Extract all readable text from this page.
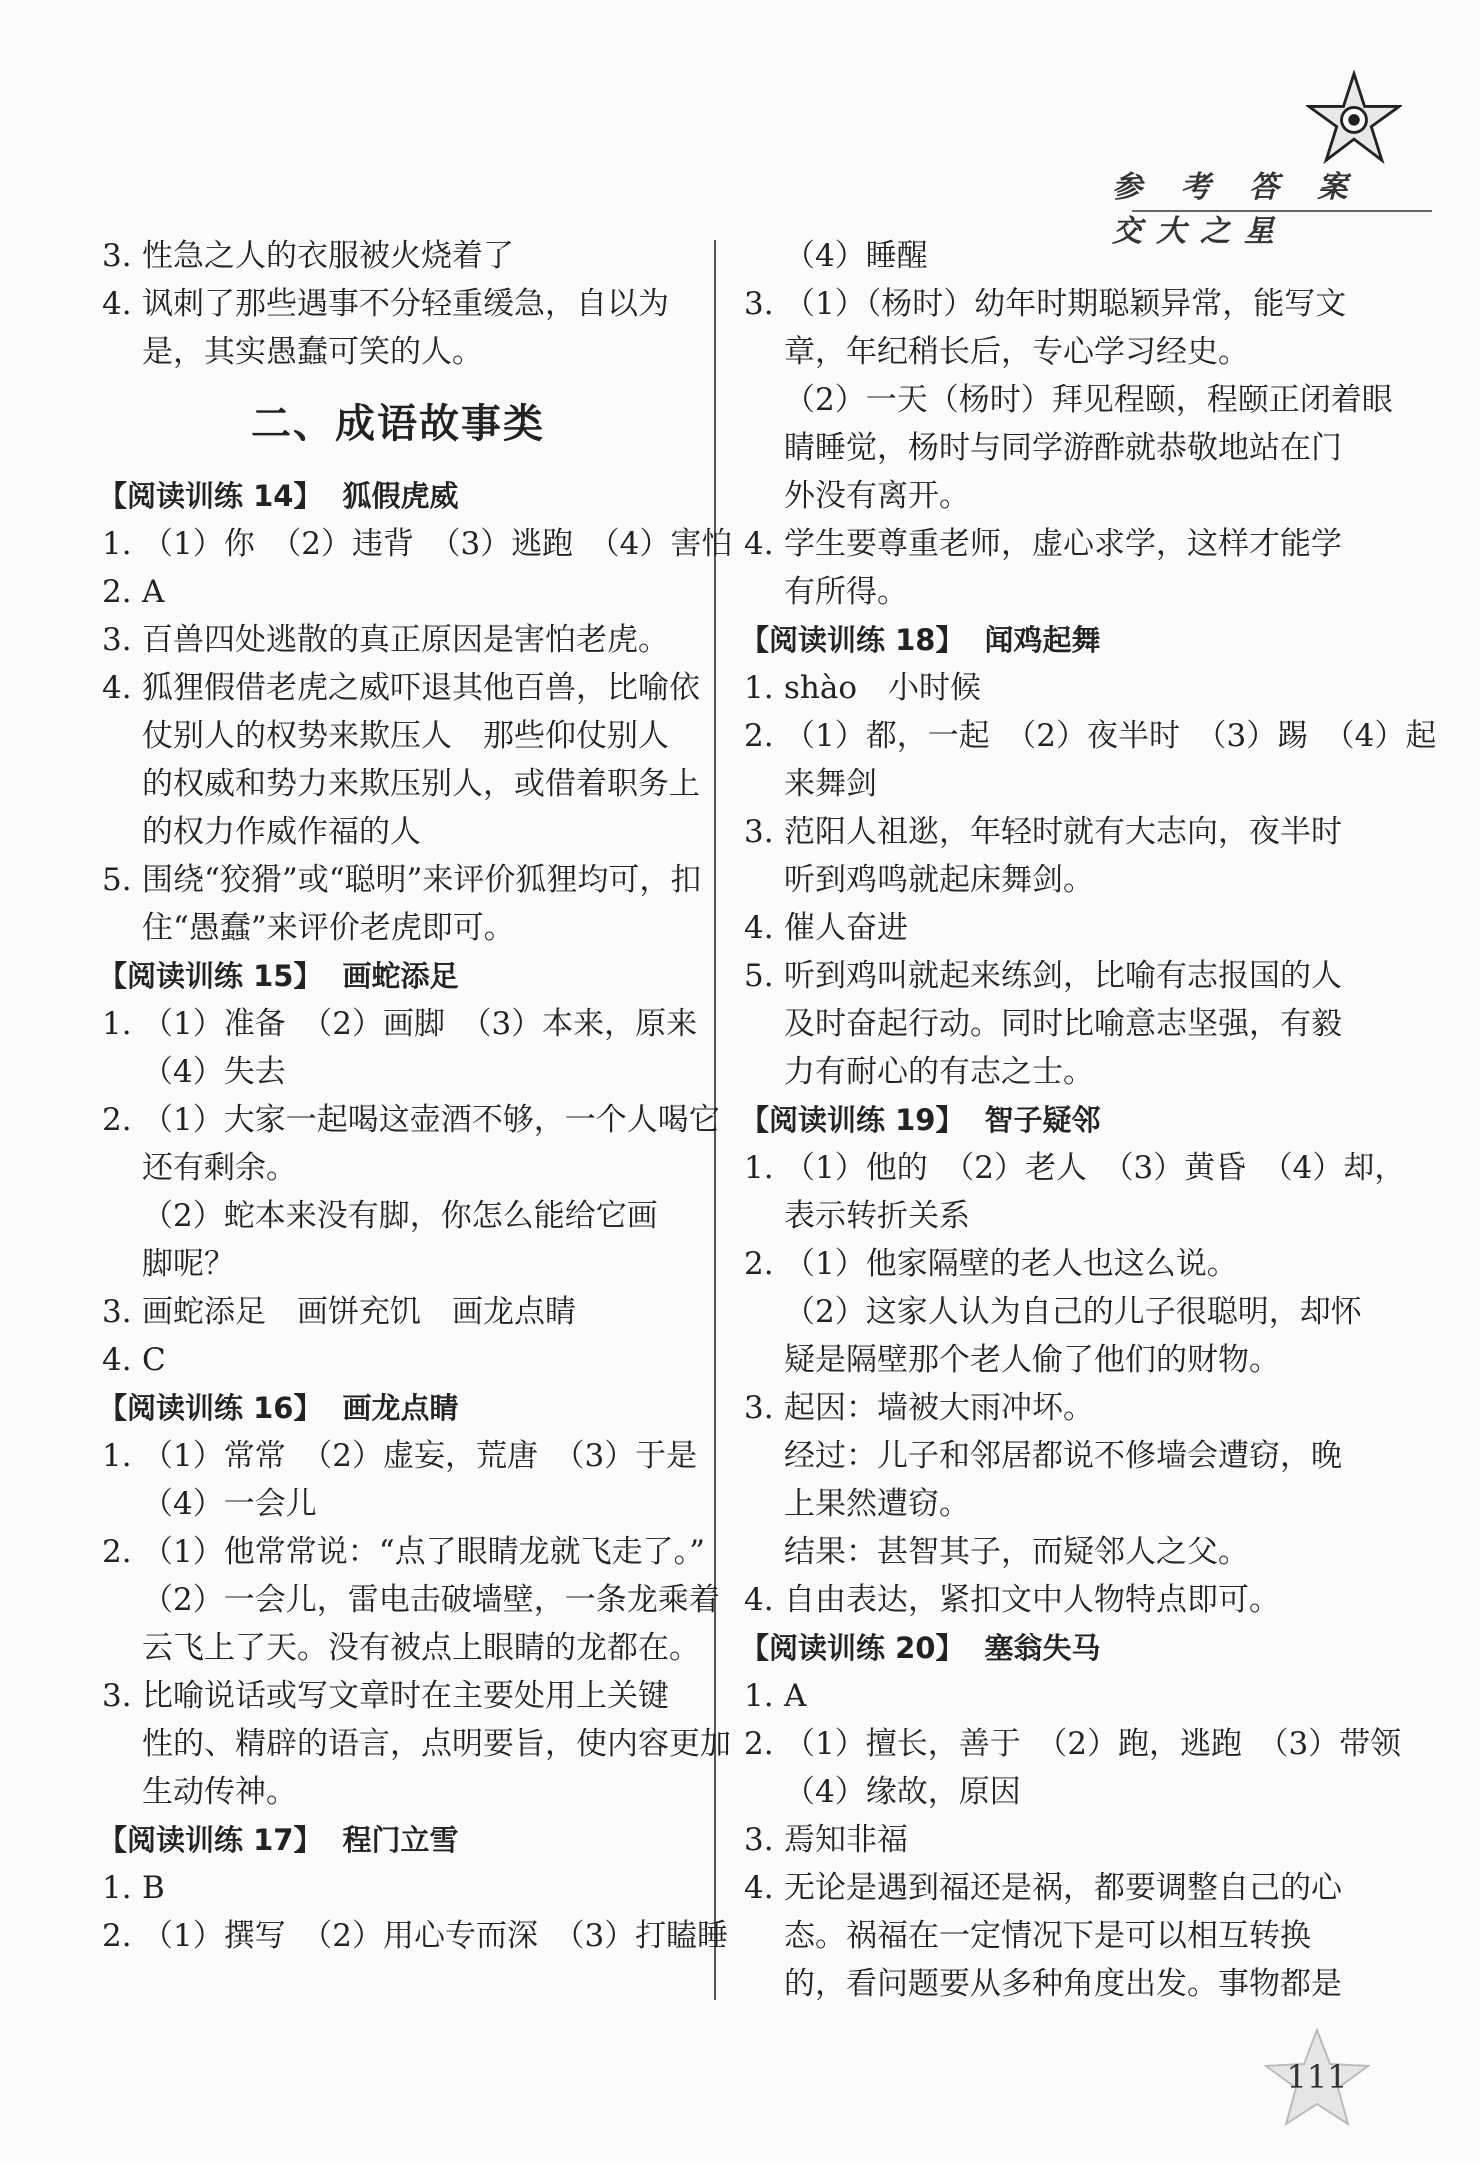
参 考 答 案 交大之星
3. 性急之人的衣服被火烧着了
4. 讽刺了那些遇事不分轻重缓急，自以为
是，其实愚蠢可笑的人。
二、成语故事类
【阅读训练 14】 狐假虎威
1. （1）你　（2）违背　（3）逃跑　（4）害怕
2. A
3. 百兽四处逃散的真正原因是害怕老虎。
4. 狐狸假借老虎之威吓退其他百兽，比喻依
仗别人的权势来欺压人　那些仰仗别人
的权威和势力来欺压别人，或借着职务上
的权力作威作福的人
5. 围绕“狡猾”或“聪明”来评价狐狸均可，扣
住“愚蠢”来评价老虎即可。
【阅读训练 15】 画蛇添足
1. （1）准备　（2）画脚　（3）本来，原来
（4）失去
2. （1）大家一起喝这壶酒不够，一个人喝它
还有剩余。
（2）蛇本来没有脚，你怎么能给它画
脚呢？
3. 画蛇添足　画饼充饥　画龙点睛
4. C
【阅读训练 16】 画龙点睛
1. （1）常常　（2）虚妄，荒唐　（3）于是
（4）一会儿
2. （1）他常常说：“点了眼睛龙就飞走了。”
（2）一会儿，雷电击破墙壁，一条龙乘着
云飞上了天。没有被点上眼睛的龙都在。
3. 比喻说话或写文章时在主要处用上关键
性的、精辟的语言，点明要旨，使内容更加
生动传神。
【阅读训练 17】 程门立雪
1. B
2. （1）撰写　（2）用心专而深　（3）打瞌睡
（4）睡醒
3. （1）（杨时）幼年时期聪颖异常，能写文
章，年纪稍长后，专心学习经史。
（2）一天（杨时）拜见程颐，程颐正闭着眼
睛睡觉，杨时与同学游酢就恭敬地站在门
外没有离开。
4. 学生要尊重老师，虚心求学，这样才能学
有所得。
【阅读训练 18】 闻鸡起舞
1. shào　小时候
2. （1）都，一起　（2）夜半时　（3）踢　（4）起
来舞剑
3. 范阳人祖逖，年轻时就有大志向，夜半时
听到鸡鸣就起床舞剑。
4. 催人奋进
5. 听到鸡叫就起来练剑，比喻有志报国的人
及时奋起行动。同时比喻意志坚强，有毅
力有耐心的有志之士。
【阅读训练 19】 智子疑邻
1. （1）他的　（2）老人　（3）黄昏　（4）却，
表示转折关系
2. （1）他家隔壁的老人也这么说。
（2）这家人认为自己的儿子很聪明，却怀
疑是隔壁那个老人偷了他们的财物。
3. 起因：墙被大雨冲坏。
经过：儿子和邻居都说不修墙会遭窃，晚
上果然遭窃。
结果：甚智其子，而疑邻人之父。
4. 自由表达，紧扣文中人物特点即可。
【阅读训练 20】 塞翁失马
1. A
2. （1）擅长，善于　（2）跑，逃跑　（3）带领
（4）缘故，原因
3. 焉知非福
4. 无论是遇到福还是祸，都要调整自己的心
态。祸福在一定情况下是可以相互转换
的，看问题要从多种角度出发。事物都是
111
